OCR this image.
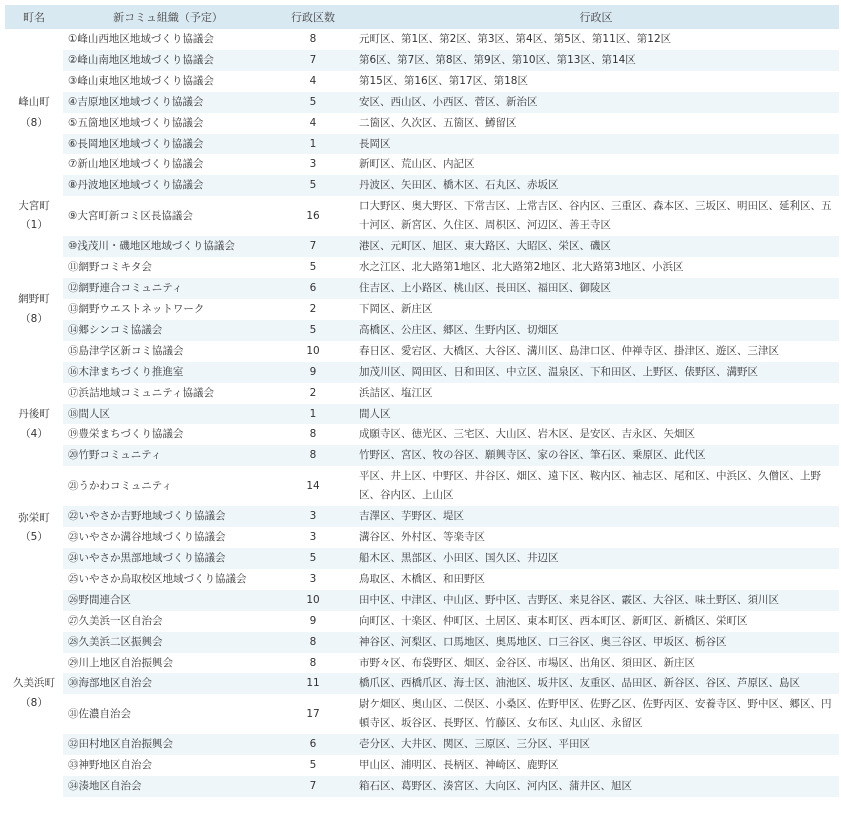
町名	新コミュ組織（予定）	行政区数	行政区

峰山町
（8）	①峰山西地区地域づくり協議会	8	元町区、第1区、第2区、第3区、第4区、第5区、第11区、第12区
	②峰山南地区地域づくり協議会	7	第6区、第7区、第8区、第9区、第10区、第13区、第14区
	③峰山東地区地域づくり協議会	4	第15区、第16区、第17区、第18区
	④吉原地区地域づくり協議会	5	安区、西山区、小西区、菅区、新治区
	⑤五箇地区地域づくり協議会	4	二箇区、久次区、五箇区、鱒留区
	⑥長岡地区地域づくり協議会	1	長岡区
	⑦新山地区地域づくり協議会	3	新町区、荒山区、内記区
	⑧丹波地区地域づくり協議会	5	丹波区、矢田区、橋木区、石丸区、赤坂区

大宮町
（1）	⑨大宮町新コミ区長協議会	16	口大野区、奥大野区、下常吉区、上常吉区、谷内区、三重区、森本区、三坂区、明田区、延利区、五十河区、新宮区、久住区、周枳区、河辺区、善王寺区

網野町
（8）	⑩浅茂川・磯地区地域づくり協議会	7	港区、元町区、旭区、東大路区、大昭区、栄区、磯区
	⑪網野コミキタ会	5	水之江区、北大路第1地区、北大路第2地区、北大路第3地区、小浜区
	⑫網野連合コミュニティ	6	住吉区、上小路区、桃山区、長田区、福田区、御陵区
	⑬網野ウエストネットワーク	2	下岡区、新庄区
	⑭郷シンコミ協議会	5	高橋区、公庄区、郷区、生野内区、切畑区
	⑮島津学区新コミ協議会	10	春日区、愛宕区、大橋区、大谷区、溝川区、島津口区、仲禅寺区、掛津区、遊区、三津区
	⑯木津まちづくり推進室	9	加茂川区、岡田区、日和田区、中立区、温泉区、下和田区、上野区、俵野区、溝野区

丹後町
（4）	⑰浜詰地域コミュニティ協議会	2	浜詰区、塩江区
	⑱間人区	1	間人区
	⑲豊栄まちづくり協議会	8	成願寺区、徳光区、三宅区、大山区、岩木区、是安区、吉永区、矢畑区
	⑳竹野コミュニティ	8	竹野区、宮区、牧の谷区、願興寺区、家の谷区、筆石区、乗原区、此代区

弥栄町
（5）	㉑うかわコミュニティ	14	平区、井上区、中野区、井谷区、畑区、遠下区、鞍内区、袖志区、尾和区、中浜区、久僧区、上野区、谷内区、上山区
	㉒いやさか吉野地域づくり協議会	3	吉澤区、芋野区、堤区
	㉓いやさか溝谷地域づくり協議会	3	溝谷区、外村区、等楽寺区
	㉔いやさか黒部地域づくり協議会	5	船木区、黒部区、小田区、国久区、井辺区
	㉕いやさか鳥取校区地域づくり協議会	3	鳥取区、木橋区、和田野区

久美浜町
（8）	㉖野間連合区	10	田中区、中津区、中山区、野中区、吉野区、来見谷区、霰区、大谷区、味土野区、須川区
	㉗久美浜一区自治会	9	向町区、十楽区、仲町区、土居区、東本町区、西本町区、新町区、新橋区、栄町区
	㉘久美浜二区振興会	8	神谷区、河梨区、口馬地区、奥馬地区、口三谷区、奥三谷区、甲坂区、栃谷区
	㉙川上地区自治振興会	8	市野々区、布袋野区、畑区、金谷区、市場区、出角区、須田区、新庄区
	㉚海部地区自治会	11	橋爪区、西橋爪区、海士区、油池区、坂井区、友重区、品田区、新谷区、谷区、芦原区、島区
	㉛佐濃自治会	17	尉ケ畑区、奥山区、二俣区、小桑区、佐野甲区、佐野乙区、佐野丙区、安養寺区、野中区、郷区、円頓寺区、坂谷区、長野区、竹藤区、女布区、丸山区、永留区
	㉜田村地区自治振興会	6	壱分区、大井区、関区、三原区、三分区、平田区
	㉝神野地区自治会	5	甲山区、浦明区、長柄区、神崎区、鹿野区
	㉞湊地区自治会	7	箱石区、葛野区、湊宮区、大向区、河内区、蒲井区、旭区
